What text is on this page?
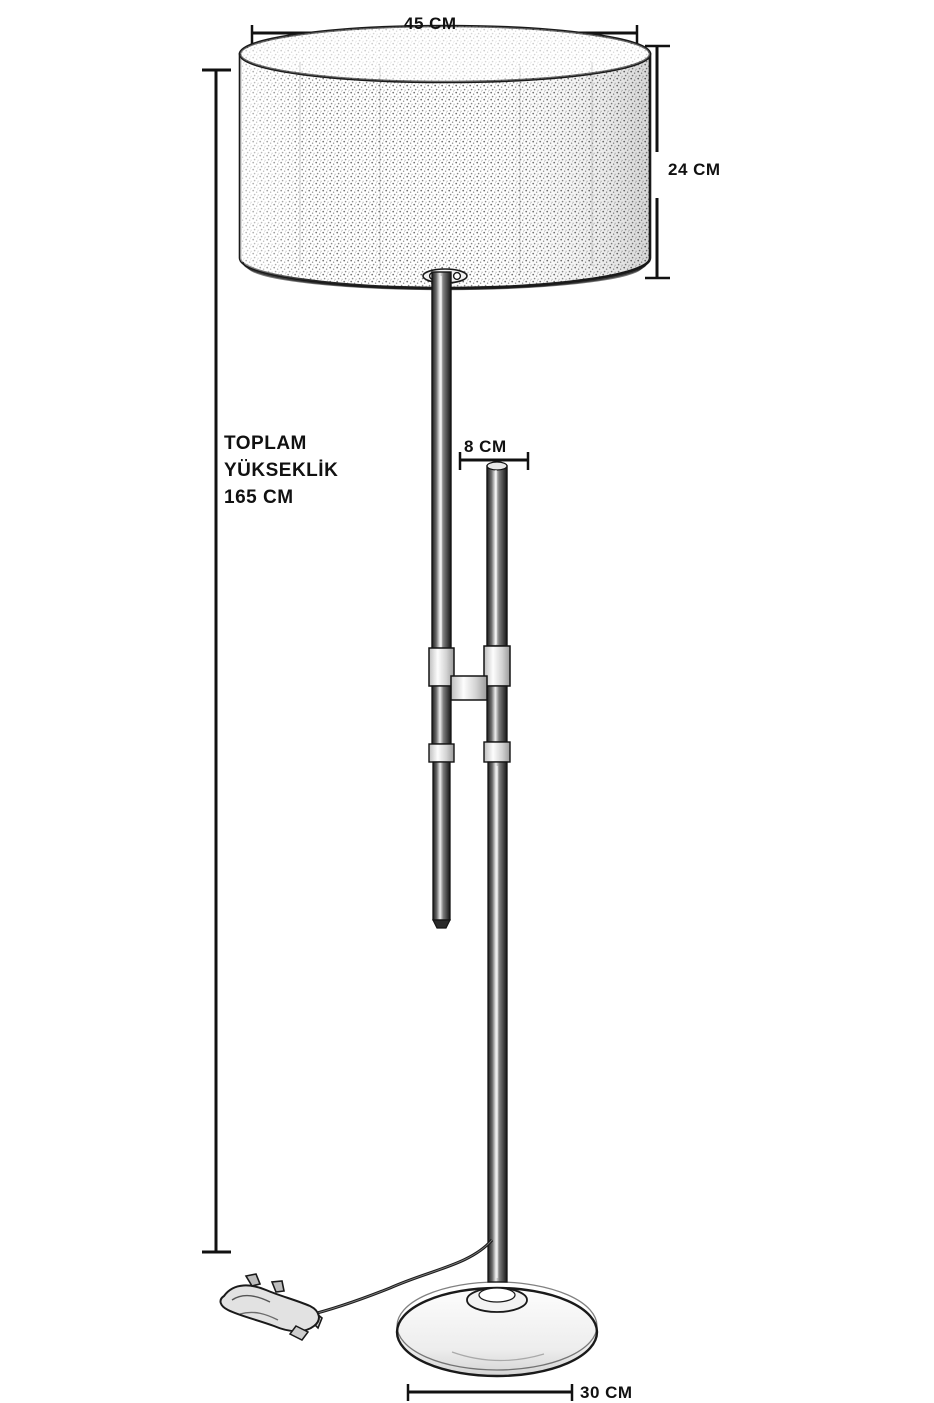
45 CM
24 CM
8 CM
30 CM
TOPLAM
YÜKSEKLİK
165 CM
